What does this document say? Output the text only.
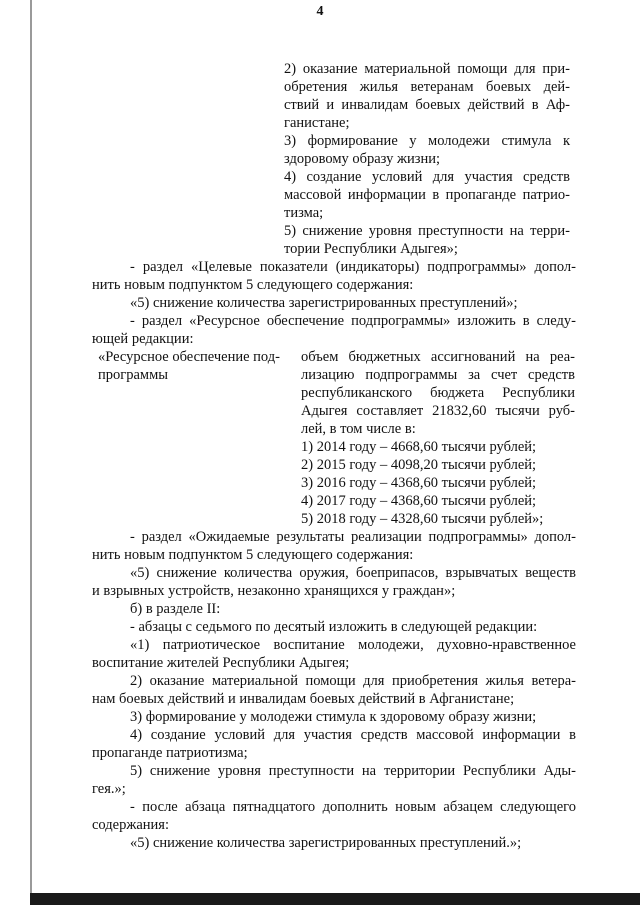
4
2) оказание материальной помощи для при-
обретения жилья ветеранам боевых дей-
ствий и инвалидам боевых действий в Аф-
ганистане;
3) формирование у молодежи стимула к
здоровому образу жизни;
4) создание условий для участия средств
массовой информации в пропаганде патрио-
тизма;
5) снижение уровня преступности на терри-
тории Республики Адыгея»;
- раздел «Целевые показатели (индикаторы) подпрограммы» допол-
нить новым подпунктом 5 следующего содержания:
«5) снижение количества зарегистрированных преступлений»;
- раздел «Ресурсное обеспечение подпрограммы» изложить в следу-
ющей редакции:
«Ресурсное обеспечение под-
программы
объем бюджетных ассигнований на реа-
лизацию подпрограммы за счет средств
республиканского бюджета Республики
Адыгея составляет 21832,60 тысячи руб-
лей, в том числе в:
1) 2014 году – 4668,60 тысячи рублей;
2) 2015 году – 4098,20 тысячи рублей;
3) 2016 году – 4368,60 тысячи рублей;
4) 2017 году – 4368,60 тысячи рублей;
5) 2018 году – 4328,60 тысячи рублей»;
- раздел «Ожидаемые результаты реализации подпрограммы» допол-
нить новым подпунктом 5 следующего содержания:
«5) снижение количества оружия, боеприпасов, взрывчатых веществ
и взрывных устройств, незаконно хранящихся у граждан»;
б) в разделе II:
- абзацы с седьмого по десятый изложить в следующей редакции:
«1) патриотическое воспитание молодежи, духовно-нравственное
воспитание жителей Республики Адыгея;
2) оказание материальной помощи для приобретения жилья ветера-
нам боевых действий и инвалидам боевых действий в Афганистане;
3) формирование у молодежи стимула к здоровому образу жизни;
4) создание условий для участия средств массовой информации в
пропаганде патриотизма;
5) снижение уровня преступности на территории Республики Ады-
гея.»;
- после абзаца пятнадцатого дополнить новым абзацем следующего
содержания:
«5) снижение количества зарегистрированных преступлений.»;
